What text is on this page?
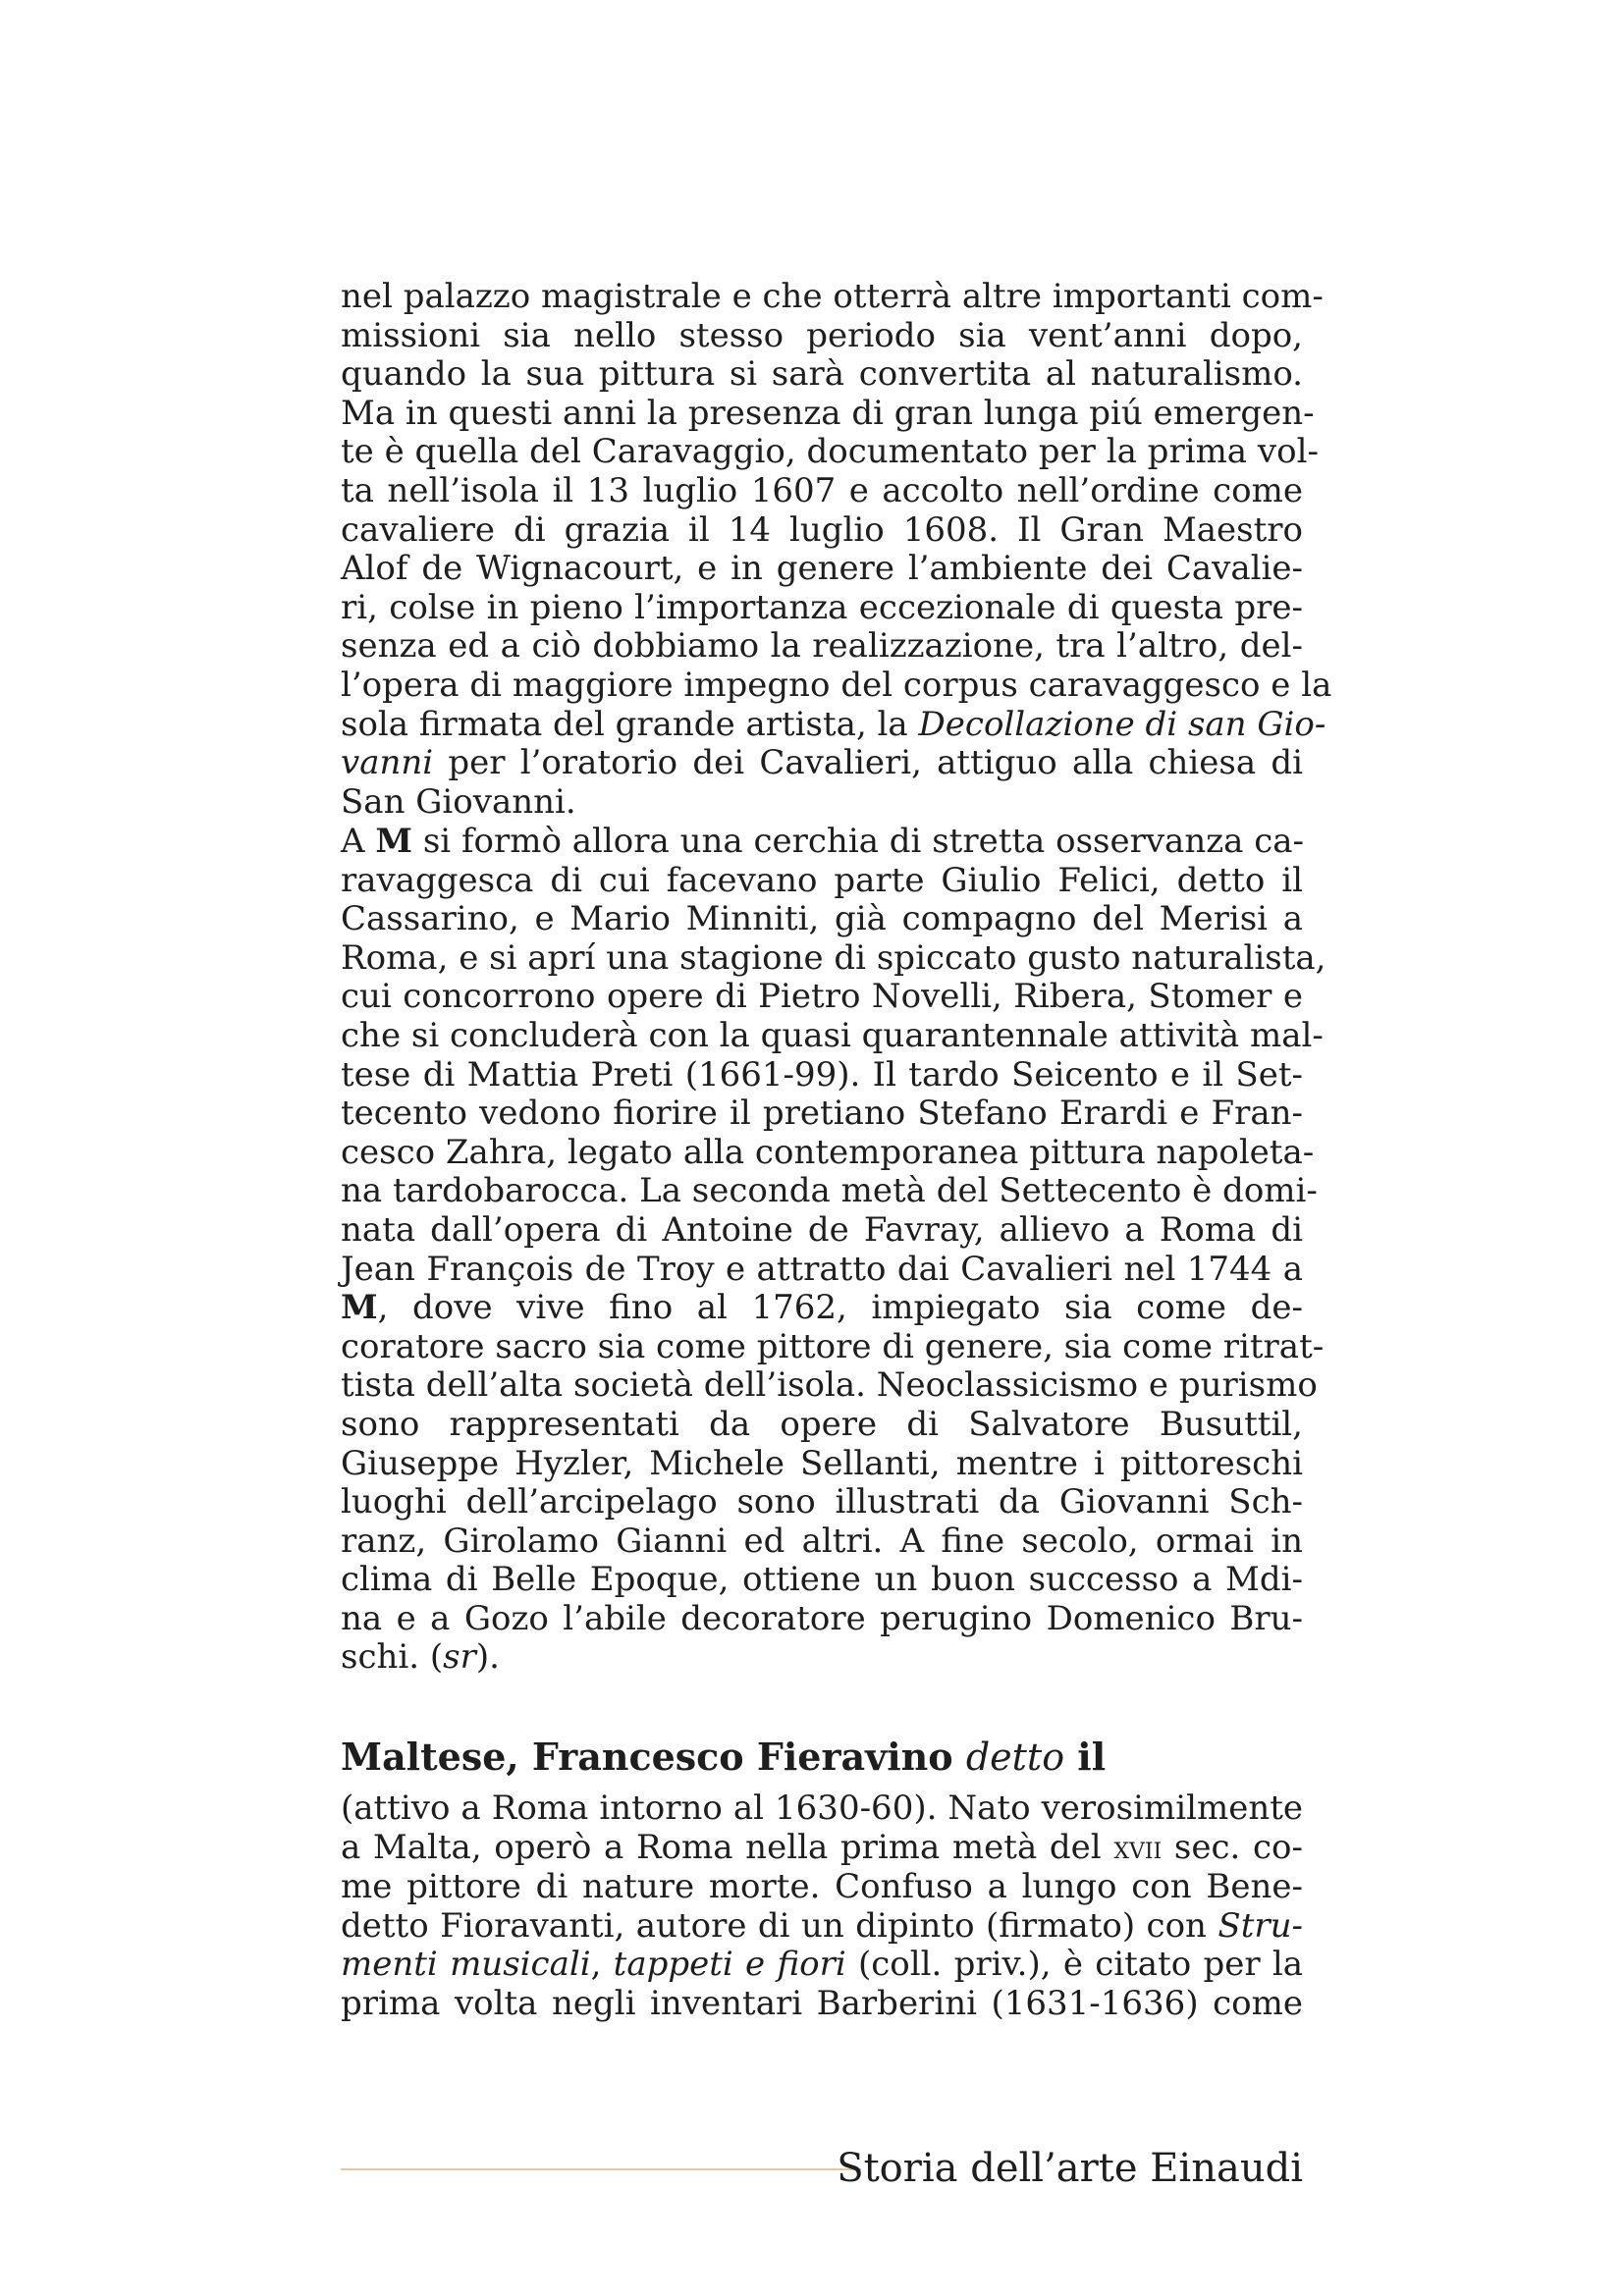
nel palazzo magistrale e che otterrà altre importanti com-
missioni sia nello stesso periodo sia vent’anni dopo,
quando la sua pittura si sarà convertita al naturalismo.
Ma in questi anni la presenza di gran lunga piú emergen-
te è quella del Caravaggio, documentato per la prima vol-
ta nell’isola il 13 luglio 1607 e accolto nell’ordine come
cavaliere di grazia il 14 luglio 1608. Il Gran Maestro
Alof de Wignacourt, e in genere l’ambiente dei Cavalie-
ri, colse in pieno l’importanza eccezionale di questa pre-
senza ed a ciò dobbiamo la realizzazione, tra l’altro, del-
l’opera di maggiore impegno del corpus caravaggesco e la
sola firmata del grande artista, la Decollazione di san Gio-
vanni per l’oratorio dei Cavalieri, attiguo alla chiesa di
San Giovanni.
A M si formò allora una cerchia di stretta osservanza ca-
ravaggesca di cui facevano parte Giulio Felici, detto il
Cassarino, e Mario Minniti, già compagno del Merisi a
Roma, e si aprí una stagione di spiccato gusto naturalista,
cui concorrono opere di Pietro Novelli, Ribera, Stomer e
che si concluderà con la quasi quarantennale attività mal-
tese di Mattia Preti (1661-99). Il tardo Seicento e il Set-
tecento vedono fiorire il pretiano Stefano Erardi e Fran-
cesco Zahra, legato alla contemporanea pittura napoleta-
na tardobarocca. La seconda metà del Settecento è domi-
nata dall’opera di Antoine de Favray, allievo a Roma di
Jean François de Troy e attratto dai Cavalieri nel 1744 a
M, dove vive fino al 1762, impiegato sia come de-
coratore sacro sia come pittore di genere, sia come ritrat-
tista dell’alta società dell’isola. Neoclassicismo e purismo
sono rappresentati da opere di Salvatore Busuttil,
Giuseppe Hyzler, Michele Sellanti, mentre i pittoreschi
luoghi dell’arcipelago sono illustrati da Giovanni Sch-
ranz, Girolamo Gianni ed altri. A fine secolo, ormai in
clima di Belle Epoque, ottiene un buon successo a Mdi-
na e a Gozo l’abile decoratore perugino Domenico Bru-
schi. (sr).
Maltese, Francesco Fieravino detto il
(attivo a Roma intorno al 1630-60). Nato verosimilmente
a Malta, operò a Roma nella prima metà del xvii sec. co-
me pittore di nature morte. Confuso a lungo con Bene-
detto Fioravanti, autore di un dipinto (firmato) con Stru-
menti musicali, tappeti e fiori (coll. priv.), è citato per la
prima volta negli inventari Barberini (1631-1636) come
Storia dell’arte Einaudi
